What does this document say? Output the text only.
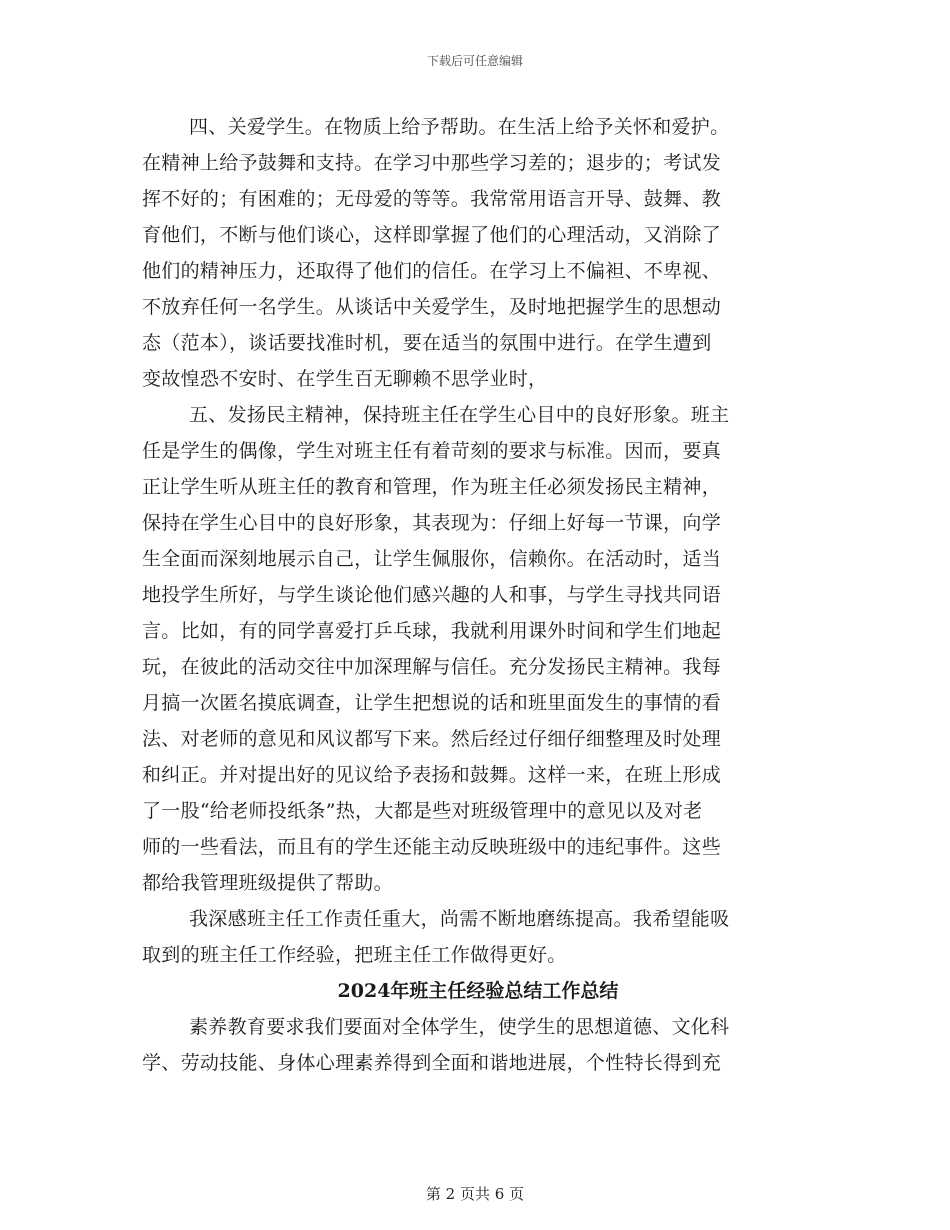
下载后可任意编辑
四、关爱学生。在物质上给予帮助。在生活上给予关怀和爱护。
在精神上给予鼓舞和支持。在学习中那些学习差的；退步的；考试发
挥不好的；有困难的；无母爱的等等。我常常用语言开导、鼓舞、教
育他们，不断与他们谈心，这样即掌握了他们的心理活动，又消除了
他们的精神压力，还取得了他们的信任。在学习上不偏袒、不卑视、
不放弃任何一名学生。从谈话中关爱学生，及时地把握学生的思想动
态（范本），谈话要找准时机，要在适当的氛围中进行。在学生遭到
变故惶恐不安时、在学生百无聊赖不思学业时，
五、发扬民主精神，保持班主任在学生心目中的良好形象。班主
任是学生的偶像，学生对班主任有着苛刻的要求与标准。因而，要真
正让学生听从班主任的教育和管理，作为班主任必须发扬民主精神，
保持在学生心目中的良好形象，其表现为：仔细上好每一节课，向学
生全面而深刻地展示自己，让学生佩服你，信赖你。在活动时，适当
地投学生所好，与学生谈论他们感兴趣的人和事，与学生寻找共同语
言。比如，有的同学喜爱打乒乓球，我就利用课外时间和学生们地起
玩，在彼此的活动交往中加深理解与信任。充分发扬民主精神。我每
月搞一次匿名摸底调查，让学生把想说的话和班里面发生的事情的看
法、对老师的意见和风议都写下来。然后经过仔细仔细整理及时处理
和纠正。并对提出好的见议给予表扬和鼓舞。这样一来，在班上形成
了一股“给老师投纸条”热，大都是些对班级管理中的意见以及对老
师的一些看法，而且有的学生还能主动反映班级中的违纪事件。这些
都给我管理班级提供了帮助。
我深感班主任工作责任重大，尚需不断地磨练提高。我希望能吸
取到的班主任工作经验，把班主任工作做得更好。
2024年班主任经验总结工作总结
素养教育要求我们要面对全体学生，使学生的思想道德、文化科
学、劳动技能、身体心理素养得到全面和谐地进展，个性特长得到充
第 2 页共 6 页
